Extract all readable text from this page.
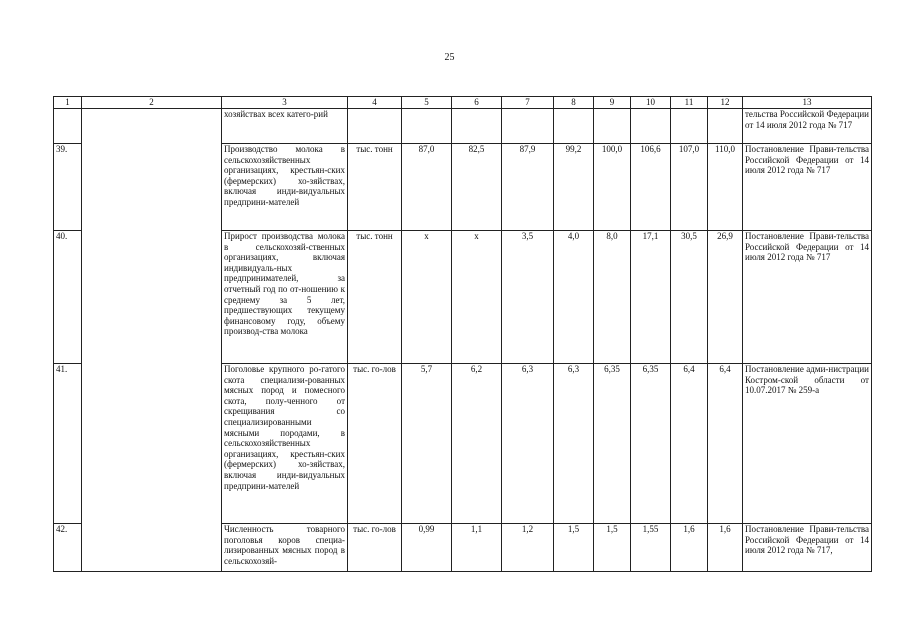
25
1	2	3	4	5	6	7	8	9	10	11	12	13
		хозяйствах всех катего-рий										тельства Российской Федерации от 14 июля 2012 года № 717
39.		Производство молока в сельскохозяйственных организациях, крестьян-ских (фермерских) хо-зяйствах, включая инди-видуальных предприни-мателей	тыс. тонн	87,0	82,5	87,9	99,2	100,0	106,6	107,0	110,0	Постановление Прави-тельства Российской Федерации от 14 июля 2012 года № 717
40.		Прирост производства молока в сельскохозяй-ственных организациях, включая индивидуаль-ных предпринимателей, за отчетный год по от-ношению к среднему за 5 лет, предшествующих текущему финансовому году, объему производ-ства молока	тыс. тонн	х	х	3,5	4,0	8,0	17,1	30,5	26,9	Постановление Прави-тельства Российской Федерации от 14 июля 2012 года № 717
41.		Поголовье крупного ро-гатого скота специализи-рованных мясных пород и помесного скота, полу-ченного от скрещивания со специализированными мясными породами, в сельскохозяйственных организациях, крестьян-ских (фермерских) хо-зяйствах, включая инди-видуальных предприни-мателей	тыс. го-лов	5,7	6,2	6,3	6,3	6,35	6,35	6,4	6,4	Постановление адми-нистрации Костром-ской области от 10.07.2017 № 259-а
42.		Численность товарного поголовья коров специа-лизированных мясных пород в сельскохозяй-	тыс. го-лов	0,99	1,1	1,2	1,5	1,5	1,55	1,6	1,6	Постановление Прави-тельства Российской Федерации от 14 июля 2012 года № 717,
